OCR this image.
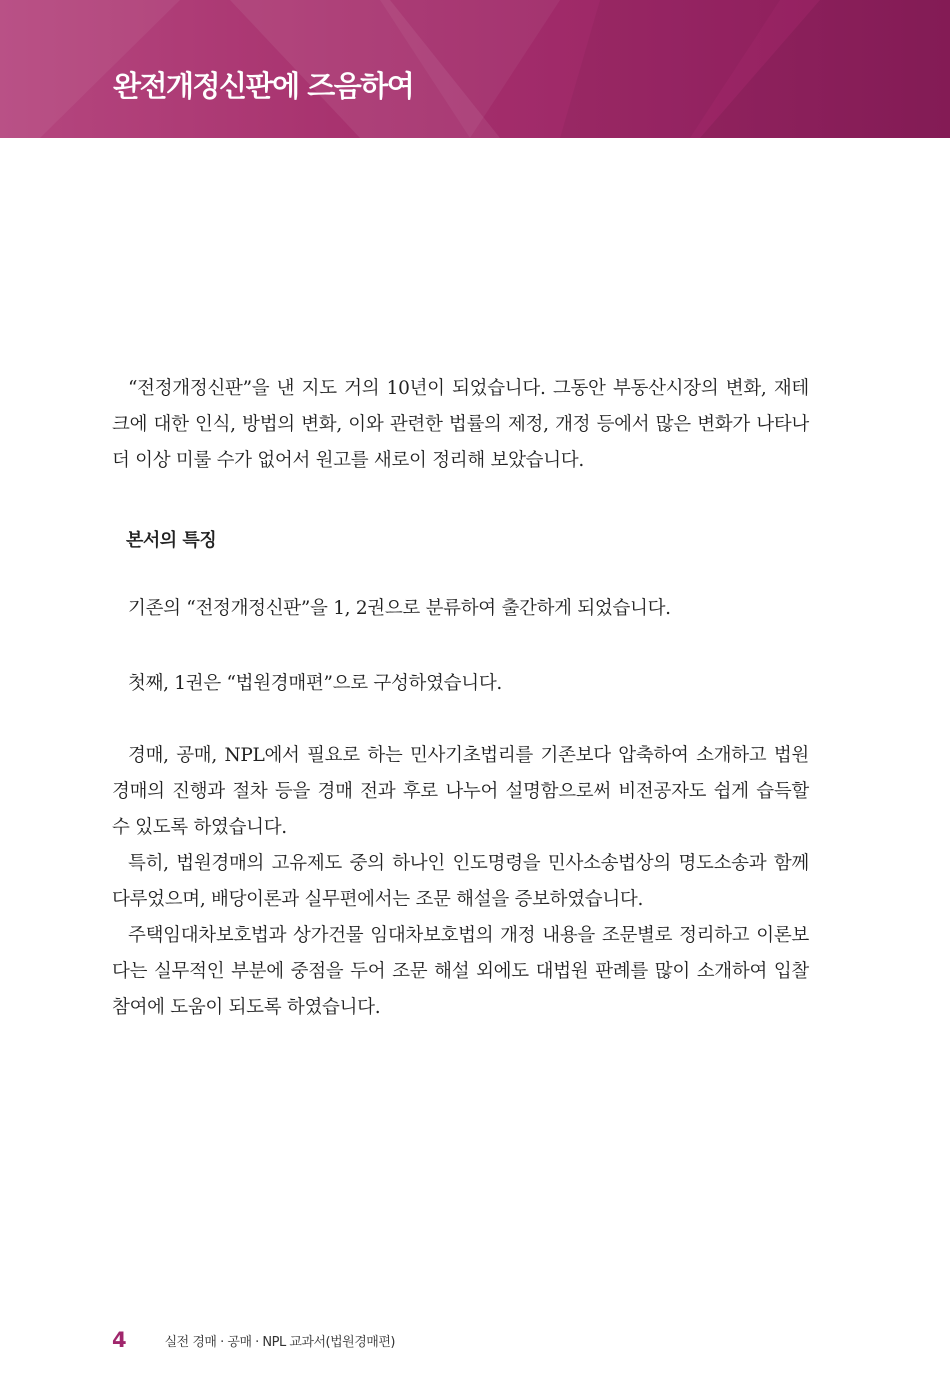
완전개정신판에 즈음하여

“전정개정신판”을 낸 지도 거의 10년이 되었습니다. 그동안 부동산시장의 변화, 재테크에 대한 인식, 방법의 변화, 이와 관련한 법률의 제정, 개정 등에서 많은 변화가 나타나 더 이상 미룰 수가 없어서 원고를 새로이 정리해 보았습니다.

본서의 특징

기존의 “전정개정신판”을 1, 2권으로 분류하여 출간하게 되었습니다.

첫째, 1권은 “법원경매편”으로 구성하였습니다.

경매, 공매, NPL에서 필요로 하는 민사기초법리를 기존보다 압축하여 소개하고 법원경매의 진행과 절차 등을 경매 전과 후로 나누어 설명함으로써 비전공자도 쉽게 습득할 수 있도록 하였습니다.

특히, 법원경매의 고유제도 중의 하나인 인도명령을 민사소송법상의 명도소송과 함께 다루었으며, 배당이론과 실무편에서는 조문 해설을 증보하였습니다.

주택임대차보호법과 상가건물 임대차보호법의 개정 내용을 조문별로 정리하고 이론보다는 실무적인 부분에 중점을 두어 조문 해설 외에도 대법원 판례를 많이 소개하여 입찰 참여에 도움이 되도록 하였습니다.

4	실전 경매 · 공매 · NPL 교과서(법원경매편)
